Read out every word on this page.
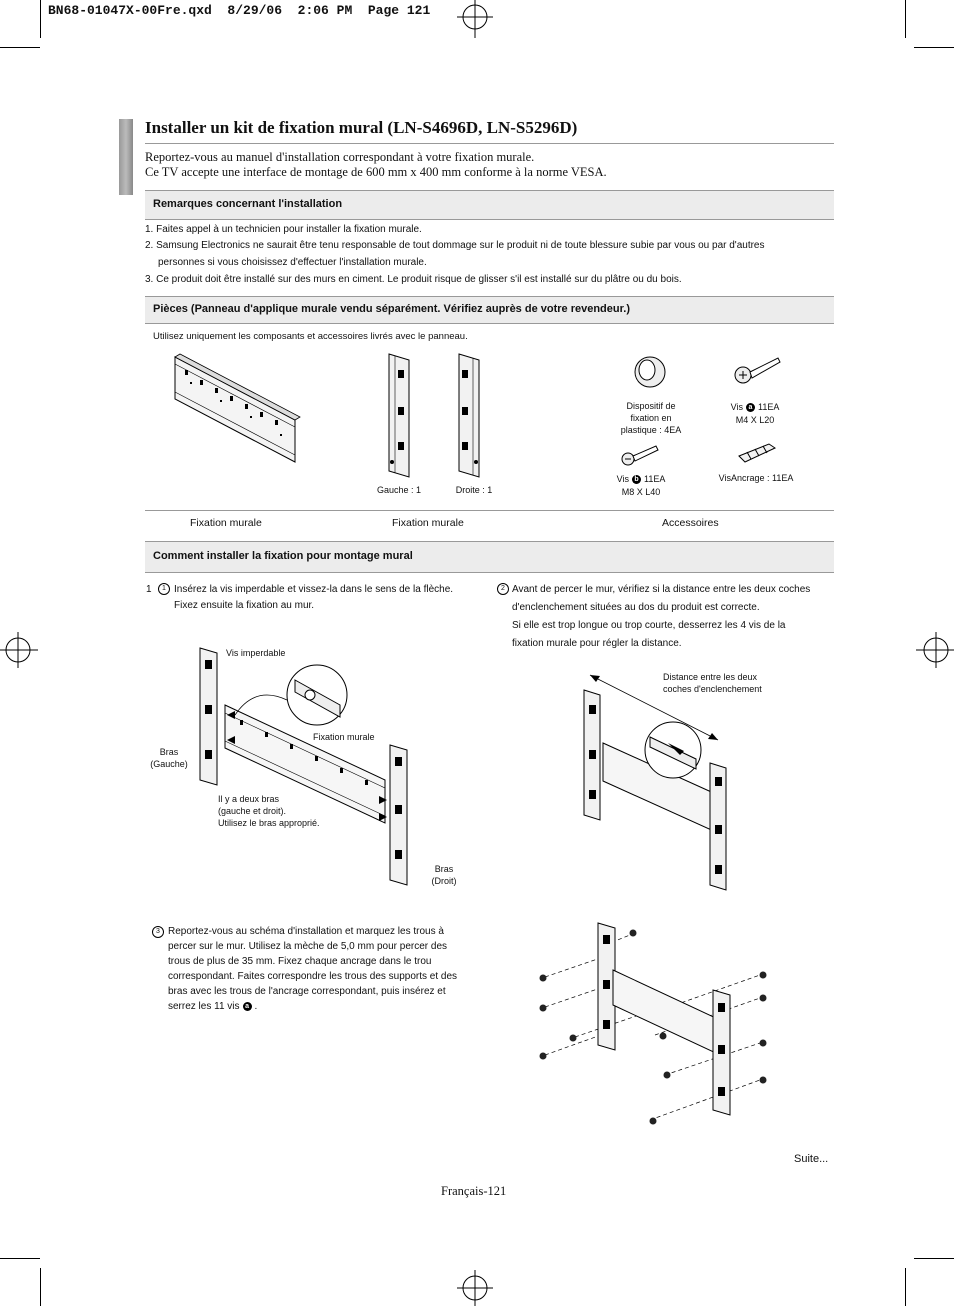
BN68-01047X-00Fre.qxd  8/29/06  2:06 PM  Page 121
Installer un kit de fixation mural (LN-S4696D, LN-S5296D)
Reportez-vous au manuel d'installation correspondant à votre fixation murale.
Ce TV accepte une interface de montage de 600 mm x 400 mm conforme à la norme VESA.
Remarques concernant l'installation
1. Faites appel à un technicien pour installer la fixation murale.
2. Samsung Electronics ne saurait être tenu responsable de tout dommage sur le produit ni de toute blessure subie par vous ou par d'autres
personnes si vous choisissez d'effectuer l'installation murale.
3. Ce produit doit être installé sur des murs en ciment. Le produit risque de glisser s'il est installé sur du plâtre ou du bois.
Pièces (Panneau d'applique murale vendu séparément. Vérifiez auprès de votre revendeur.)
Utilisez uniquement les composants et accessoires livrés avec le panneau.
Gauche : 1	Droite : 1
Dispositif de
fixation en
plastique : 4EA
Vis a 11EA
M4 X L20
Vis b 11EA
M8 X L40
VisAncrage : 11EA
Fixation murale	Fixation murale	Accessoires
Comment installer la fixation pour montage mural
1	1 Insérez la vis imperdable et vissez-la dans le sens de la flèche.
Fixez ensuite la fixation au mur.
2 Avant de percer le mur, vérifiez si la distance entre les deux coches
d'enclenchement situées au dos du produit est correcte.
Si elle est trop longue ou trop courte, desserrez les 4 vis de la
fixation murale pour régler la distance.
Vis imperdable
Fixation murale
Bras
(Gauche)
Il y a deux bras
(gauche et droit).
Utilisez le bras approprié.
Bras
(Droit)
Distance entre les deux
coches d'enclenchement
3 Reportez-vous au schéma d'installation et marquez les trous à
percer sur le mur. Utilisez la mèche de 5,0 mm pour percer des
trous de plus de 35 mm. Fixez chaque ancrage dans le trou
correspondant. Faites correspondre les trous des supports et des
bras avec les trous de l'ancrage correspondant, puis insérez et
serrez les 11 vis a .
Suite...
Français-121
